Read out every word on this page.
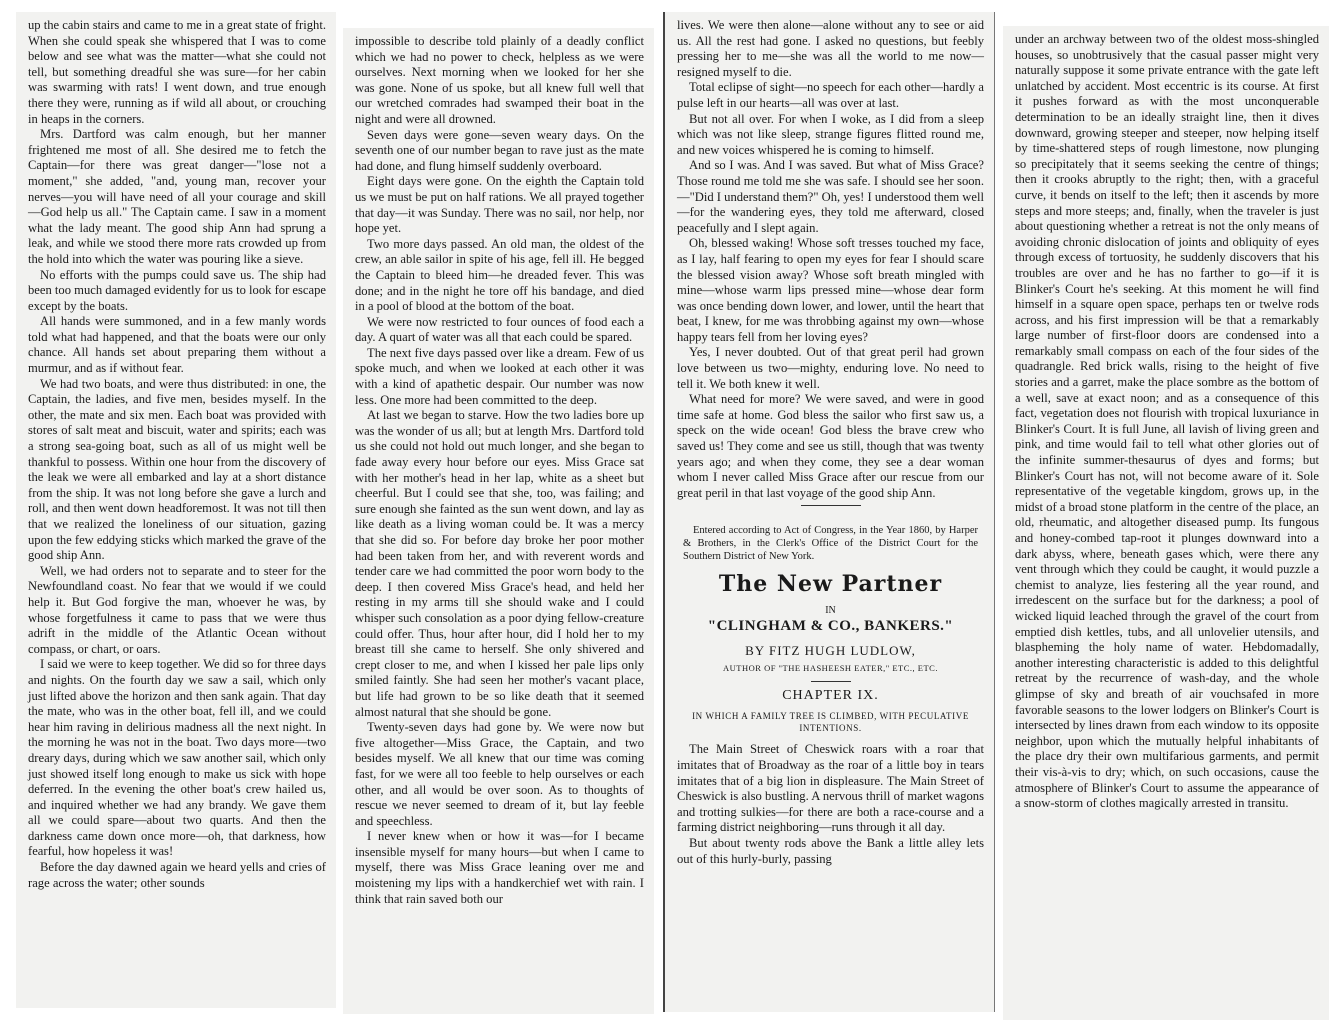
up the cabin stairs and came to me in a great state of fright. When she could speak she whispered that I was to come below and see what was the matter—what she could not tell, but something dreadful she was sure—for her cabin was swarming with rats! I went down, and true enough there they were, running as if wild all about, or crouching in heaps in the corners.

Mrs. Dartford was calm enough, but her manner frightened me most of all. She desired me to fetch the Captain—for there was great danger—"lose not a moment," she added, "and, young man, recover your nerves—you will have need of all your courage and skill—God help us all." The Captain came. I saw in a moment what the lady meant. The good ship Ann had sprung a leak, and while we stood there more rats crowded up from the hold into which the water was pouring like a sieve.

No efforts with the pumps could save us. The ship had been too much damaged evidently for us to look for escape except by the boats.

All hands were summoned, and in a few manly words told what had happened, and that the boats were our only chance. All hands set about preparing them without a murmur, and as if without fear.

We had two boats, and were thus distributed: in one, the Captain, the ladies, and five men, besides myself. In the other, the mate and six men. Each boat was provided with stores of salt meat and biscuit, water and spirits; each was a strong sea-going boat, such as all of us might well be thankful to possess. Within one hour from the discovery of the leak we were all embarked and lay at a short distance from the ship. It was not long before she gave a lurch and roll, and then went down headforemost. It was not till then that we realized the loneliness of our situation, gazing upon the few eddying sticks which marked the grave of the good ship Ann.

Well, we had orders not to separate and to steer for the Newfoundland coast. No fear that we would if we could help it. But God forgive the man, whoever he was, by whose forgetfulness it came to pass that we were thus adrift in the middle of the Atlantic Ocean without compass, or chart, or oars.

I said we were to keep together. We did so for three days and nights. On the fourth day we saw a sail, which only just lifted above the horizon and then sank again. That day the mate, who was in the other boat, fell ill, and we could hear him raving in delirious madness all the next night. In the morning he was not in the boat. Two days more—two dreary days, during which we saw another sail, which only just showed itself long enough to make us sick with hope deferred. In the evening the other boat's crew hailed us, and inquired whether we had any brandy. We gave them all we could spare—about two quarts. And then the darkness came down once more—oh, that darkness, how fearful, how hopeless it was!

Before the day dawned again we heard yells and cries of rage across the water; other sounds

impossible to describe told plainly of a deadly conflict which we had no power to check, helpless as we were ourselves. Next morning when we looked for her she was gone. None of us spoke, but all knew full well that our wretched comrades had swamped their boat in the night and were all drowned.

Seven days were gone—seven weary days. On the seventh one of our number began to rave just as the mate had done, and flung himself suddenly overboard.

Eight days were gone. On the eighth the Captain told us we must be put on half rations. We all prayed together that day—it was Sunday. There was no sail, nor help, nor hope yet.

Two more days passed. An old man, the oldest of the crew, an able sailor in spite of his age, fell ill. He begged the Captain to bleed him—he dreaded fever. This was done; and in the night he tore off his bandage, and died in a pool of blood at the bottom of the boat.

We were now restricted to four ounces of food each a day. A quart of water was all that each could be spared.

The next five days passed over like a dream. Few of us spoke much, and when we looked at each other it was with a kind of apathetic despair. Our number was now less. One more had been committed to the deep.

At last we began to starve. How the two ladies bore up was the wonder of us all; but at length Mrs. Dartford told us she could not hold out much longer, and she began to fade away every hour before our eyes. Miss Grace sat with her mother's head in her lap, white as a sheet but cheerful. But I could see that she, too, was failing; and sure enough she fainted as the sun went down, and lay as like death as a living woman could be. It was a mercy that she did so. For before day broke her poor mother had been taken from her, and with reverent words and tender care we had committed the poor worn body to the deep. I then covered Miss Grace's head, and held her resting in my arms till she should wake and I could whisper such consolation as a poor dying fellow-creature could offer. Thus, hour after hour, did I hold her to my breast till she came to herself. She only shivered and crept closer to me, and when I kissed her pale lips only smiled faintly. She had seen her mother's vacant place, but life had grown to be so like death that it seemed almost natural that she should be gone.

Twenty-seven days had gone by. We were now but five altogether—Miss Grace, the Captain, and two besides myself. We all knew that our time was coming fast, for we were all too feeble to help ourselves or each other, and all would be over soon. As to thoughts of rescue we never seemed to dream of it, but lay feeble and speechless.

I never knew when or how it was—for I became insensible myself for many hours—but when I came to myself, there was Miss Grace leaning over me and moistening my lips with a handkerchief wet with rain. I think that rain saved both our

lives. We were then alone—alone without any to see or aid us. All the rest had gone. I asked no questions, but feebly pressing her to me—she was all the world to me now—resigned myself to die.

Total eclipse of sight—no speech for each other—hardly a pulse left in our hearts—all was over at last.

But not all over. For when I woke, as I did from a sleep which was not like sleep, strange figures flitted round me, and new voices whispered he is coming to himself.

And so I was. And I was saved. But what of Miss Grace? Those round me told me she was safe. I should see her soon.—"Did I understand them?" Oh, yes! I understood them well—for the wandering eyes, they told me afterward, closed peacefully and I slept again.

Oh, blessed waking! Whose soft tresses touched my face, as I lay, half fearing to open my eyes for fear I should scare the blessed vision away? Whose soft breath mingled with mine—whose warm lips pressed mine—whose dear form was once bending down lower, and lower, until the heart that beat, I knew, for me was throbbing against my own—whose happy tears fell from her loving eyes?

Yes, I never doubted. Out of that great peril had grown love between us two—mighty, enduring love. No need to tell it. We both knew it well.

What need for more? We were saved, and were in good time safe at home. God bless the sailor who first saw us, a speck on the wide ocean! God bless the brave crew who saved us! They come and see us still, though that was twenty years ago; and when they come, they see a dear woman whom I never called Miss Grace after our rescue from our great peril in that last voyage of the good ship Ann.

Entered according to Act of Congress, in the Year 1860, by Harper & Brothers, in the Clerk's Office of the District Court for the Southern District of New York.
The New Partner
IN
"CLINGHAM & CO., BANKERS."
BY FITZ HUGH LUDLOW,
AUTHOR OF "THE HASHEESH EATER," ETC., ETC.
CHAPTER IX.
IN WHICH A FAMILY TREE IS CLIMBED, WITH PECULATIVE INTENTIONS.

The Main Street of Cheswick roars with a roar that imitates that of Broadway as the roar of a little boy in tears imitates that of a big lion in displeasure. The Main Street of Cheswick is also bustling. A nervous thrill of market wagons and trotting sulkies—for there are both a race-course and a farming district neighboring—runs through it all day.

But about twenty rods above the Bank a little alley lets out of this hurly-burly, passing

under an archway between two of the oldest moss-shingled houses, so unobtrusively that the casual passer might very naturally suppose it some private entrance with the gate left unlatched by accident. Most eccentric is its course. At first it pushes forward as with the most unconquerable determination to be an ideally straight line, then it dives downward, growing steeper and steeper, now helping itself by time-shattered steps of rough limestone, now plunging so precipitately that it seems seeking the centre of things; then it crooks abruptly to the right; then, with a graceful curve, it bends on itself to the left; then it ascends by more steps and more steeps; and, finally, when the traveler is just about questioning whether a retreat is not the only means of avoiding chronic dislocation of joints and obliquity of eyes through excess of tortuosity, he suddenly discovers that his troubles are over and he has no farther to go—if it is Blinker's Court he's seeking. At this moment he will find himself in a square open space, perhaps ten or twelve rods across, and his first impression will be that a remarkably large number of first-floor doors are condensed into a remarkably small compass on each of the four sides of the quadrangle. Red brick walls, rising to the height of five stories and a garret, make the place sombre as the bottom of a well, save at exact noon; and as a consequence of this fact, vegetation does not flourish with tropical luxuriance in Blinker's Court. It is full June, all lavish of living green and pink, and time would fail to tell what other glories out of the infinite summer-thesaurus of dyes and forms; but Blinker's Court has not, will not become aware of it. Sole representative of the vegetable kingdom, grows up, in the midst of a broad stone platform in the centre of the place, an old, rheumatic, and altogether diseased pump. Its fungous and honey-combed tap-root it plunges downward into a dark abyss, where, beneath gases which, were there any vent through which they could be caught, it would puzzle a chemist to analyze, lies festering all the year round, and irredescent on the surface but for the darkness; a pool of wicked liquid leached through the gravel of the court from emptied dish kettles, tubs, and all unlovelier utensils, and blaspheming the holy name of water. Hebdomadally, another interesting characteristic is added to this delightful retreat by the recurrence of wash-day, and the whole glimpse of sky and breath of air vouchsafed in more favorable seasons to the lower lodgers on Blinker's Court is intersected by lines drawn from each window to its opposite neighbor, upon which the mutually helpful inhabitants of the place dry their own multifarious garments, and permit their vis-à-vis to dry; which, on such occasions, cause the atmosphere of Blinker's Court to assume the appearance of a snow-storm of clothes magically arrested in transitu.
